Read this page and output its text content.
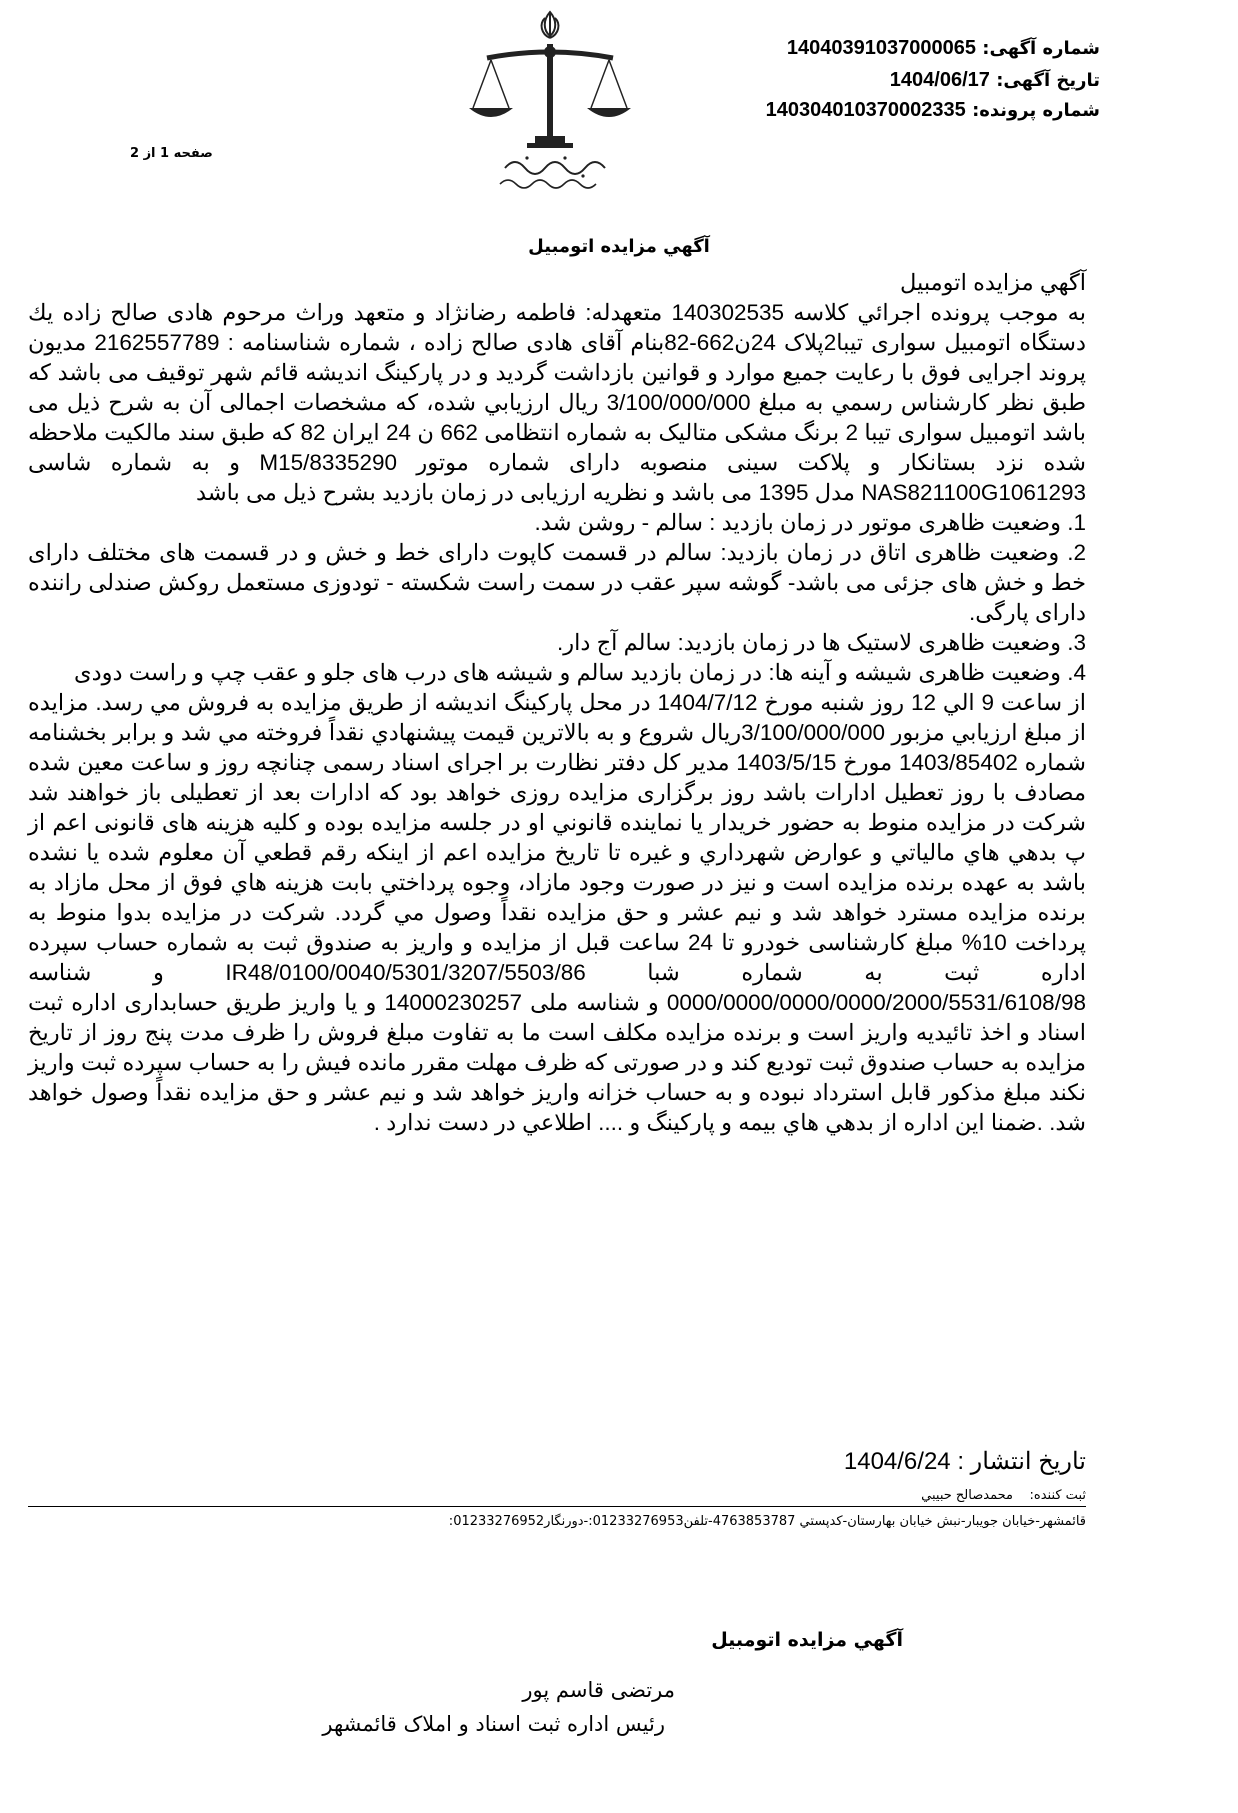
شماره آگهی: 14040391037000065
تاریخ آگهی: 1404/06/17
شماره پرونده: 140304010370002335
صفحه 1 از 2
آگهي مزايده اتومبيل

آگهي مزايده اتومبيل

به موجب پرونده اجرائي كلاسه 140302535 متعهدله: فاطمه رضانژاد و متعهد وراث مرحوم هادی صالح زاده يك دستگاه اتومبیل سواری تیبا2پلاک 24ن662-82بنام آقای هادی صالح زاده ، شماره شناسنامه : 2162557789 مدیون پروند اجرایی فوق با رعايت جميع موارد و قوانين بازداشت گرديد و در پارکینگ اندیشه قائم شهر توقیف می باشد كه طبق نظر كارشناس رسمي به مبلغ 3/100/000/000 ريال ارزيابي شده، كه مشخصات اجمالی آن به شرح ذيل می باشد اتومبیل سواری تیبا 2 برنگ مشکی متالیک به شماره انتظامی 662 ن 24 ایران 82 که طبق سند مالکیت ملاحظه شده نزد بستانکار و پلاکت سینی منصوبه دارای شماره موتور M15/8335290 و به شماره شاسی NAS821100G1061293 مدل 1395 می باشد و نظریه ارزیابی در زمان بازدید بشرح ذیل می باشد

1. وضعیت ظاهری موتور در زمان بازدید : سالم - روشن شد.

2. وضعیت ظاهری اتاق در زمان بازدید: سالم در قسمت کاپوت دارای خط و خش و در قسمت های مختلف دارای خط و خش های جزئی می باشد- گوشه سپر عقب در سمت راست شکسته - تودوزی مستعمل روکش صندلی راننده دارای پارگی.

3. وضعیت ظاهری لاستیک ها در زمان بازدید: سالم آج دار.

4. وضعیت ظاهری شیشه و آینه ها: در زمان بازدید سالم و شیشه های درب های جلو و عقب چپ و راست دودی

از ساعت 9 الي 12 روز شنبه مورخ 1404/7/12 در محل پارکینگ اندیشه از طريق مزايده به فروش مي رسد. مزايده از مبلغ ارزيابي مزبور 3/100/000/000ريال شروع و به بالاترين قيمت پيشنهادي نقداً فروخته مي شد و برابر بخشنامه شماره 1403/85402 مورخ 1403/5/15 مدير كل دفتر نظارت بر اجرای اسناد رسمی چنانچه روز و ساعت معین شده مصادف با روز تعطیل ادارات باشد روز برگزاری مزایده روزی خواهد بود که ادارات بعد از تعطیلی باز خواهند شد شركت در مزايده منوط به حضور خريدار يا نماينده قانوني او در جلسه مزايده بوده و كليه هزينه های قانونی اعم از پ بدهي هاي مالياتي و عوارض شهرداري و غيره تا تاريخ مزايده اعم از اينكه رقم قطعي آن معلوم شده يا نشده باشد به عهده برنده مزايده است و نيز در صورت وجود مازاد، وجوه پرداختي بابت هزينه هاي فوق از محل مازاد به برنده مزايده مسترد خواهد شد و نيم عشر و حق مزايده نقداً وصول مي گردد. شرکت در مزایده بدوا منوط به پرداخت 10% مبلغ کارشناسی خودرو تا 24 ساعت قبل از مزایده و واریز به صندوق ثبت به شماره حساب سپرده اداره ثبت به شماره شبا IR48/0100/0040/5301/3207/5503/86 و شناسه 0000/0000/0000/0000/2000/5531/6108/98 و شناسه ملی 14000230257 و یا واریز طریق حسابداری اداره ثبت اسناد و اخذ تائیدیه واریز است و برنده مزایده مکلف است ما به تفاوت مبلغ فروش را ظرف مدت پنج روز از تاریخ مزایده به حساب صندوق ثبت تودیع کند و در صورتی که ظرف مهلت مقرر مانده فیش را به حساب سپرده ثبت واریز نکند مبلغ مذکور قابل استرداد نبوده و به حساب خزانه واریز خواهد شد و نيم عشر و حق مزايده نقداً وصول خواهد شد. .ضمنا اين اداره از بدهي هاي بيمه و پاركينگ و .... اطلاعي در دست ندارد .

تاريخ انتشار : 1404/6/24
ثبت كننده:    محمدصالح حبيبي
قائمشهر-خیابان جویبار-نبش خیابان بهارستان-کدپستي 4763853787-تلفن01233276953:-دورنگار01233276952:
آگهي مزايده اتومبيل
مرتضی قاسم پور
رئیس اداره ثبت اسناد و املاک قائمشهر
